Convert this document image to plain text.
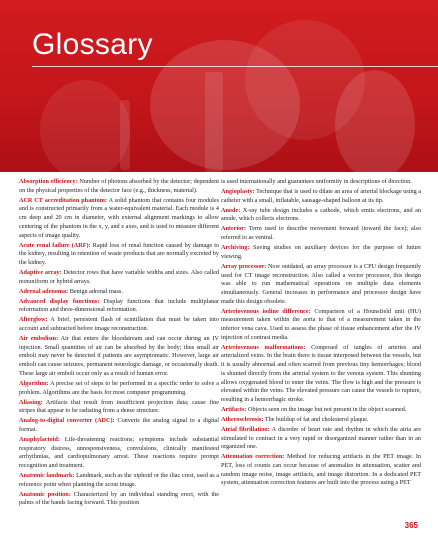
Glossary

Absorption efficiency: Number of photons absorbed by the detector; dependent on the physical properties of the detector face (e.g., thickness, material).

ACR CT accreditation phantom: A solid phantom that contains four modules and is constructed primarily from a water-equivalent material. Each module is 4 cm deep and 20 cm in diameter, with external alignment markings to allow centering of the phantom in the x, y, and z axes, and is used to measure different aspects of image quality.

Acute renal failure (ARF): Rapid loss of renal function caused by damage to the kidney, resulting in retention of waste products that are normally excreted by the kidney.

Adaptive array: Detector rows that have variable widths and sizes. Also called nonuniform or hybrid arrays.

Adrenal adenoma: Benign adrenal mass.

Advanced display functions: Display functions that include multiplanar reformation and three-dimensional reformation.

Afterglow: A brief, persistent flash of scintillation that must be taken into account and subtracted before image reconstruction.

Air embolism: Air that enters the bloodstream and can occur during an IV injection. Small quantities of air can be absorbed by the body; thus small air emboli may never be detected if patients are asymptomatic. However, large air emboli can cause seizures, permanent neurologic damage, or occasionally death. These large air emboli occur only as a result of human error.

Algorithm: A precise set of steps to be performed in a specific order to solve a problem. Algorithms are the basis for most computer programming.

Aliasing: Artifacts that result from insufficient projection data; cause fine stripes that appear to be radiating from a dense structure.

Analog-to-digital converter (ADC): Converts the analog signal to a digital format.

Anaphylactoid: Life-threatening reactions; symptoms include substantial respiratory distress, unresponsiveness, convulsions, clinically manifested arrhythmias, and cardiopulmonary arrest. These reactions require prompt recognition and treatment.

Anatomic landmark: Landmark, such as the xiphoid or the iliac crest, used as a reference point when planning the scout image.

Anatomic position: Characterized by an individual standing erect, with the palms of the hands facing forward. This position

is used internationally and guarantees uniformity in descriptions of direction.

Angioplasty: Technique that is used to dilate an area of arterial blockage using a catheter with a small, inflatable, sausage-shaped balloon at its tip.

Anode: X-ray tube design includes a cathode, which emits electrons, and an anode, which collects electrons.

Anterior: Term used to describe movement forward (toward the face); also referred to as ventral.

Archiving: Saving studies on auxiliary devices for the purpose of future viewing.

Array processor: Now outdated, an array processor is a CPU design frequently used for CT image reconstruction. Also called a vector processor, this design was able to run mathematical operations on multiple data elements simultaneously. General increases in performance and processor design have made this design obsolete.

Arteriovenous iodine difference: Comparison of a Hounsfield unit (HU) measurement taken within the aorta to that of a measurement taken in the inferior vena cava. Used to assess the phase of tissue enhancement after the IV injection of contrast media.

Arteriovenous malformations: Composed of tangles of arteries and arterialized veins. In the brain there is tissue interposed between the vessels, but it is usually abnormal and often scarred from previous tiny hemorrhages; blood is shunted directly from the arterial system to the venous system. This shunting allows oxygenated blood to enter the veins. The flow is high and the pressure is elevated within the veins. The elevated pressure can cause the vessels to rupture, resulting in a hemorrhagic stroke.

Artifacts: Objects seen on the image but not present in the object scanned.

Atherosclerosis: The buildup of fat and cholesterol plaque.

Atrial fibrillation: A disorder of heart rate and rhythm in which the atria are stimulated to contract in a very rapid or disorganized manner rather than in an organized one.

Attenuation correction: Method for reducing artifacts in the PET image. In PET, loss of counts can occur because of anomalies in attenuation, scatter and random image noise, image artifacts, and image distortion. In a dedicated PET system, attenuation correction features are built into the process using a PET

365
